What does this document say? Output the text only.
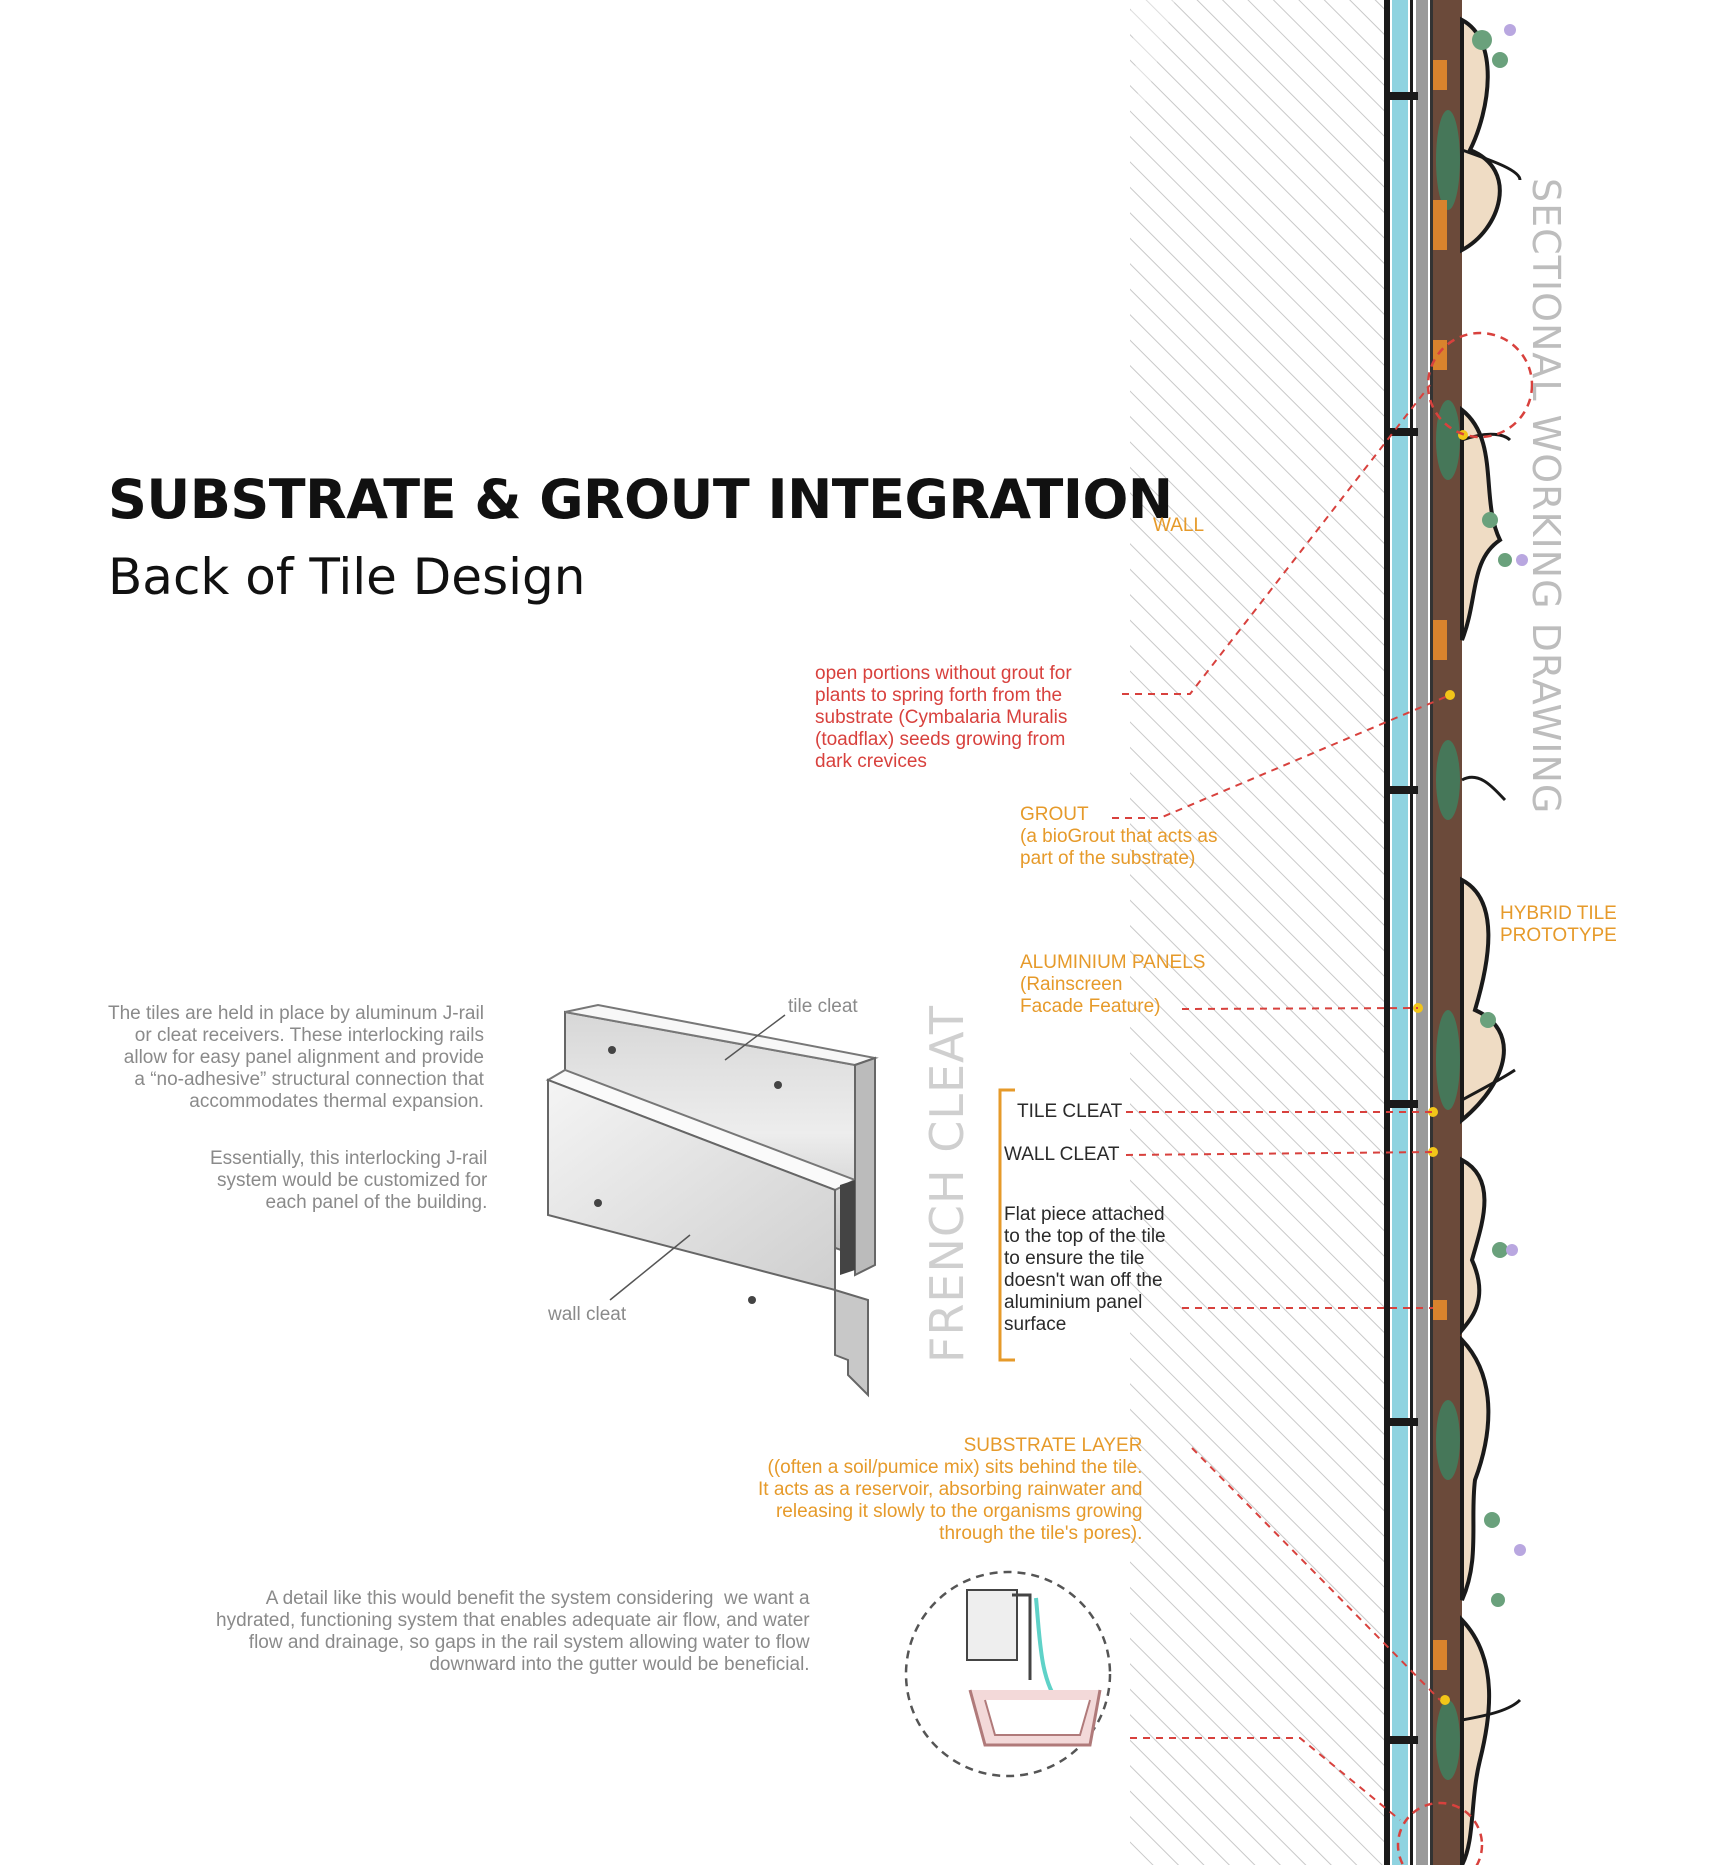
SUBSTRATE & GROUT INTEGRATION
Back of Tile Design	SECTIONAL WORKING DRAWING
FRENCH CLEAT
WALL
open portions without grout for
plants to spring forth from the
substrate (Cymbalaria Muralis
(toadflax) seeds growing from
dark crevices
GROUT
(a bioGrout that acts as
part of the substrate)
HYBRID TILE
PROTOTYPE
ALUMINIUM PANELS
(Rainscreen
Facade Feature)
TILE CLEAT
WALL CLEAT
Flat piece attached
to the top of the tile
to ensure the tile
doesn't wan off the
aluminium panel
surface
SUBSTRATE LAYER
((often a soil/pumice mix) sits behind the tile.
It acts as a reservoir, absorbing rainwater and
releasing it slowly to the organisms growing
through the tile's pores).
The tiles are held in place by aluminum J-rail
or cleat receivers. These interlocking rails
allow for easy panel alignment and provide
a “no-adhesive” structural connection that
accommodates thermal expansion.
Essentially, this interlocking J-rail
system would be customized for
each panel of the building.
A detail like this would benefit the system considering  we want a
hydrated, functioning system that enables adequate air flow, and water
flow and drainage, so gaps in the rail system allowing water to flow
downward into the gutter would be beneficial.
tile cleat
wall cleat
